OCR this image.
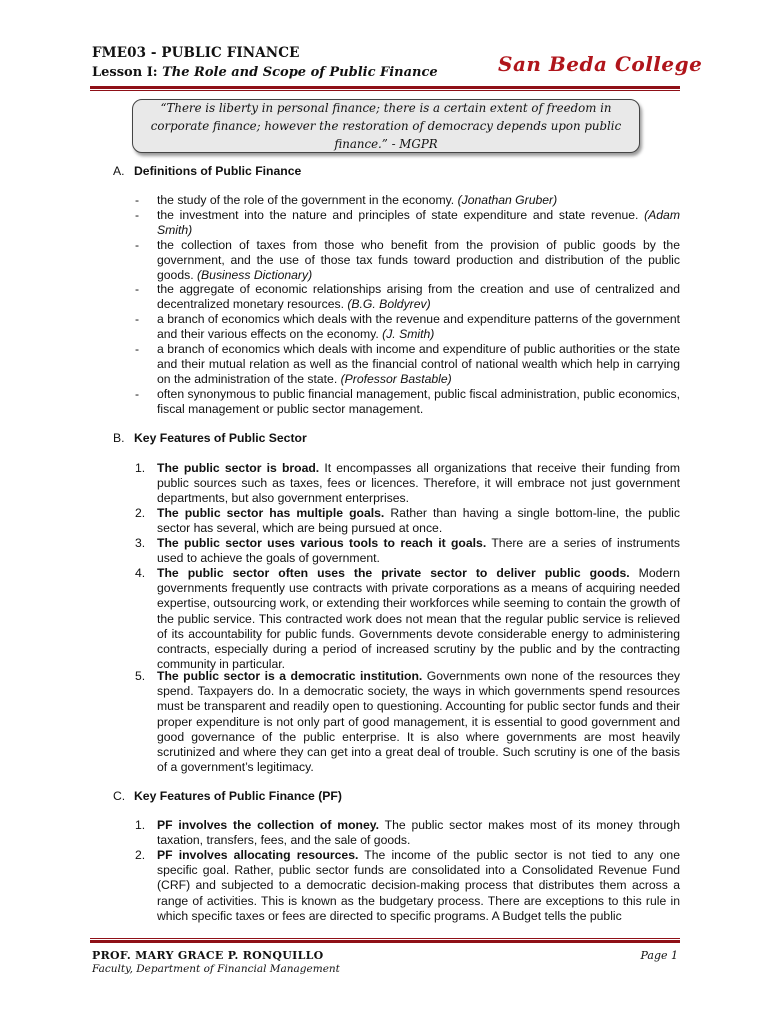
FME03 - PUBLIC FINANCE
Lesson I: The Role and Scope of Public Finance	San Beda College
“There is liberty in personal finance; there is a certain extent of freedom in corporate finance; however the restoration of democracy depends upon public finance.” - MGPR
A. Definitions of Public Finance
- the study of the role of the government in the economy. (Jonathan Gruber)
- the investment into the nature and principles of state expenditure and state revenue. (Adam Smith)
- the collection of taxes from those who benefit from the provision of public goods by the government, and the use of those tax funds toward production and distribution of the public goods. (Business Dictionary)
- the aggregate of economic relationships arising from the creation and use of centralized and decentralized monetary resources. (B.G. Boldyrev)
- a branch of economics which deals with the revenue and expenditure patterns of the government and their various effects on the economy. (J. Smith)
- a branch of economics which deals with income and expenditure of public authorities or the state and their mutual relation as well as the financial control of national wealth which help in carrying on the administration of the state. (Professor Bastable)
- often synonymous to public financial management, public fiscal administration, public economics, fiscal management or public sector management.
B. Key Features of Public Sector
1. The public sector is broad. It encompasses all organizations that receive their funding from public sources such as taxes, fees or licences. Therefore, it will embrace not just government departments, but also government enterprises.
2. The public sector has multiple goals. Rather than having a single bottom-line, the public sector has several, which are being pursued at once.
3. The public sector uses various tools to reach it goals. There are a series of instruments used to achieve the goals of government.
4. The public sector often uses the private sector to deliver public goods. Modern governments frequently use contracts with private corporations as a means of acquiring needed expertise, outsourcing work, or extending their workforces while seeming to contain the growth of the public service. This contracted work does not mean that the regular public service is relieved of its accountability for public funds. Governments devote considerable energy to administering contracts, especially during a period of increased scrutiny by the public and by the contracting community in particular.
5. The public sector is a democratic institution. Governments own none of the resources they spend. Taxpayers do. In a democratic society, the ways in which governments spend resources must be transparent and readily open to questioning. Accounting for public sector funds and their proper expenditure is not only part of good management, it is essential to good government and good governance of the public enterprise. It is also where governments are most heavily scrutinized and where they can get into a great deal of trouble. Such scrutiny is one of the basis of a government’s legitimacy.
C. Key Features of Public Finance (PF)
1. PF involves the collection of money. The public sector makes most of its money through taxation, transfers, fees, and the sale of goods.
2. PF involves allocating resources. The income of the public sector is not tied to any one specific goal. Rather, public sector funds are consolidated into a Consolidated Revenue Fund (CRF) and subjected to a democratic decision-making process that distributes them across a range of activities. This is known as the budgetary process. There are exceptions to this rule in which specific taxes or fees are directed to specific programs. A Budget tells the public
PROF. MARY GRACE P. RONQUILLO
Faculty, Department of Financial Management
Page 1
